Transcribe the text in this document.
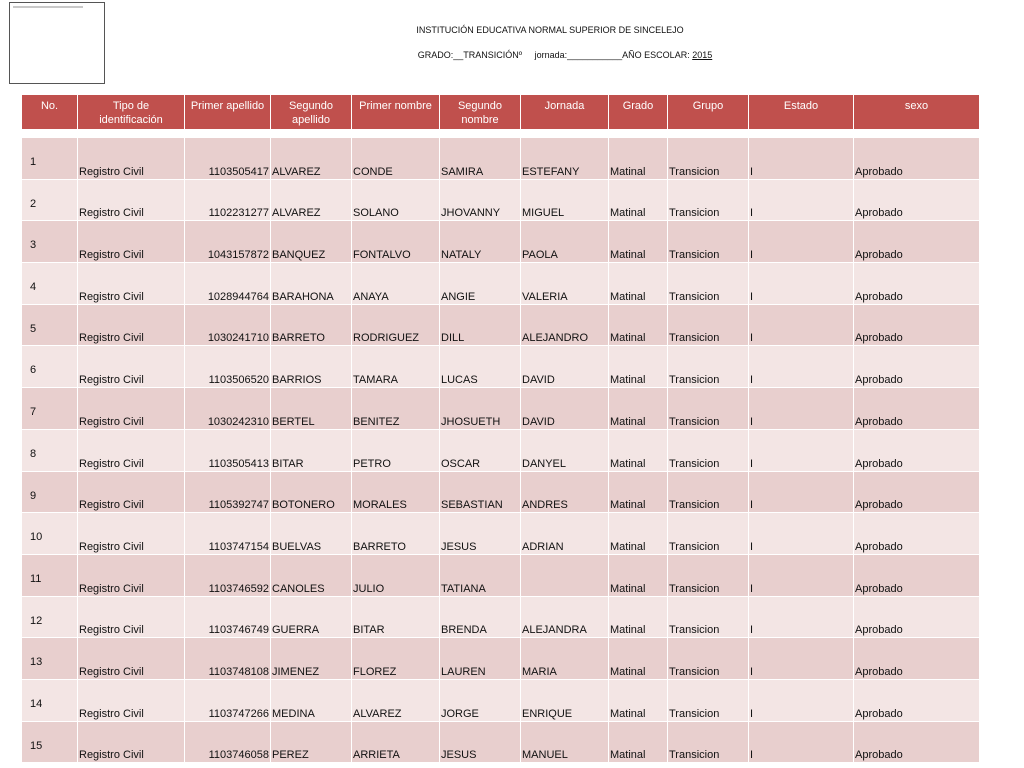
INSTITUCIÓN EDUCATIVA NORMAL SUPERIOR DE SINCELEJO
GRADO:__TRANSICIÓNº jornada:___________AÑO ESCOLAR: 2015
No.	Tipo de identificación	Primer apellido	Segundo apellido	Primer nombre	Segundo nombre	Jornada	Grado	Grupo	Estado	sexo

1	Registro Civil	1103505417	ALVAREZ	CONDE	SAMIRA	ESTEFANY	Matinal	Transicion	I	Aprobado
2	Registro Civil	1102231277	ALVAREZ	SOLANO	JHOVANNY	MIGUEL	Matinal	Transicion	I	Aprobado
3	Registro Civil	1043157872	BANQUEZ	FONTALVO	NATALY	PAOLA	Matinal	Transicion	I	Aprobado
4	Registro Civil	1028944764	BARAHONA	ANAYA	ANGIE	VALERIA	Matinal	Transicion	I	Aprobado
5	Registro Civil	1030241710	BARRETO	RODRIGUEZ	DILL	ALEJANDRO	Matinal	Transicion	I	Aprobado
6	Registro Civil	1103506520	BARRIOS	TAMARA	LUCAS	DAVID	Matinal	Transicion	I	Aprobado
7	Registro Civil	1030242310	BERTEL	BENITEZ	JHOSUETH	DAVID	Matinal	Transicion	I	Aprobado
8	Registro Civil	1103505413	BITAR	PETRO	OSCAR	DANYEL	Matinal	Transicion	I	Aprobado
9	Registro Civil	1105392747	BOTONERO	MORALES	SEBASTIAN	ANDRES	Matinal	Transicion	I	Aprobado
10	Registro Civil	1103747154	BUELVAS	BARRETO	JESUS	ADRIAN	Matinal	Transicion	I	Aprobado
11	Registro Civil	1103746592	CANOLES	JULIO	TATIANA		Matinal	Transicion	I	Aprobado
12	Registro Civil	1103746749	GUERRA	BITAR	BRENDA	ALEJANDRA	Matinal	Transicion	I	Aprobado
13	Registro Civil	1103748108	JIMENEZ	FLOREZ	LAUREN	MARIA	Matinal	Transicion	I	Aprobado
14	Registro Civil	1103747266	MEDINA	ALVAREZ	JORGE	ENRIQUE	Matinal	Transicion	I	Aprobado
15	Registro Civil	1103746058	PEREZ	ARRIETA	JESUS	MANUEL	Matinal	Transicion	I	Aprobado
